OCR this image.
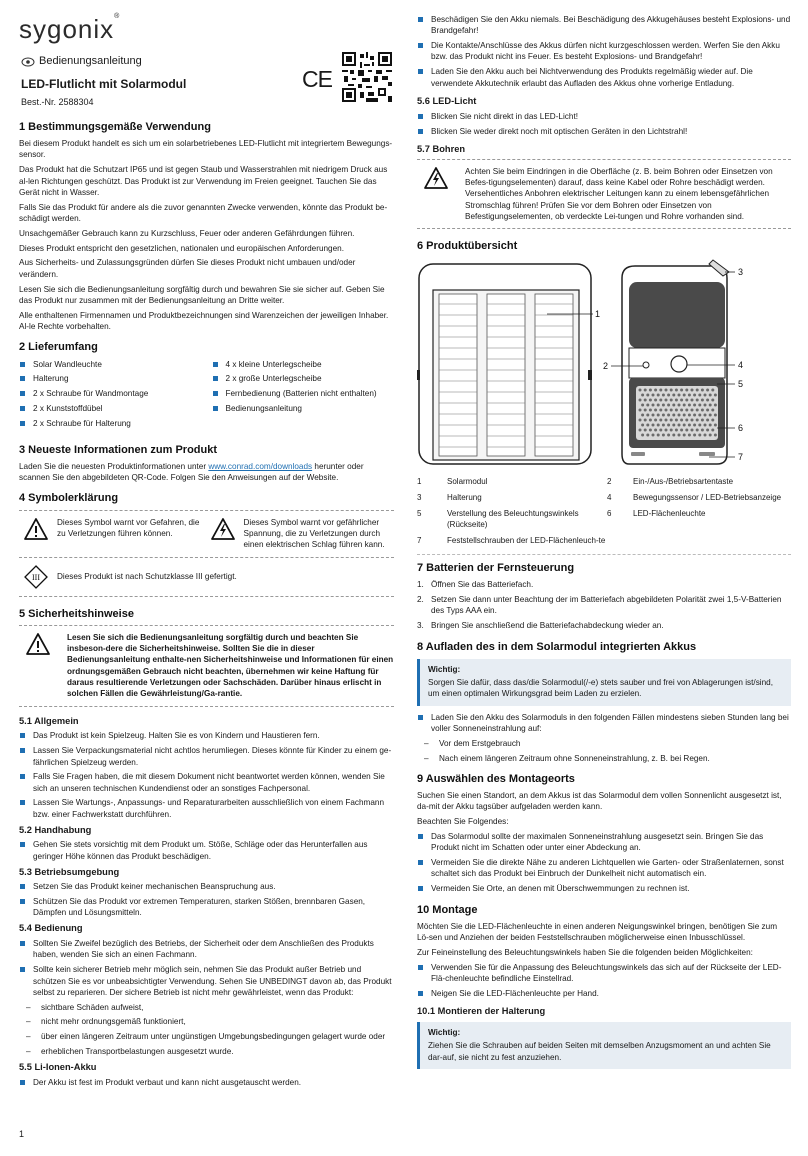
sygonix®
Bedienungsanleitung
LED-Flutlicht mit Solarmodul
Best.-Nr. 2588304
CE
1 Bestimmungsgemäße Verwendung

Bei diesem Produkt handelt es sich um ein solarbetriebenes LED-Flutlicht mit integriertem Bewegungs-sensor.

Das Produkt hat die Schutzart IP65 und ist gegen Staub und Wasserstrahlen mit niedrigem Druck aus al-len Richtungen geschützt. Das Produkt ist zur Verwendung im Freien geeignet. Tauchen Sie das Gerät nicht in Wasser.

Falls Sie das Produkt für andere als die zuvor genannten Zwecke verwenden, könnte das Produkt be-schädigt werden.

Unsachgemäßer Gebrauch kann zu Kurzschluss, Feuer oder anderen Gefährdungen führen.

Dieses Produkt entspricht den gesetzlichen, nationalen und europäischen Anforderungen.

Aus Sicherheits- und Zulassungsgründen dürfen Sie dieses Produkt nicht umbauen und/oder verändern.

Lesen Sie sich die Bedienungsanleitung sorgfältig durch und bewahren Sie sie sicher auf. Geben Sie das Produkt nur zusammen mit der Bedienungsanleitung an Dritte weiter.

Alle enthaltenen Firmennamen und Produktbezeichnungen sind Warenzeichen der jeweiligen Inhaber. Al-le Rechte vorbehalten.

2 Lieferumfang
Solar Wandleuchte
Halterung
2 x Schraube für Wandmontage
2 x Kunststoffdübel
2 x Schraube für Halterung
4 x kleine Unterlegscheibe
2 x große Unterlegscheibe
Fernbedienung (Batterien nicht enthalten)
Bedienungsanleitung
3 Neueste Informationen zum Produkt

Laden Sie die neuesten Produktinformationen unter www.conrad.com/downloads herunter oder scannen Sie den abgebildeten QR-Code. Folgen Sie den Anweisungen auf der Website.

4 Symbolerklärung
Dieses Symbol warnt vor Gefahren, die zu Verletzungen führen können.
Dieses Symbol warnt vor gefährlicher Spannung, die zu Verletzungen durch einen elektrischen Schlag führen kann.
III Dieses Produkt ist nach Schutzklasse III gefertigt.
5 Sicherheitshinweise

Lesen Sie sich die Bedienungsanleitung sorgfältig durch und beachten Sie insbeson-dere die Sicherheitshinweise. Sollten Sie die in dieser Bedienungsanleitung enthalte-nen Sicherheitshinweise und Informationen für einen ordnungsgemäßen Gebrauch nicht beachten, übernehmen wir keine Haftung für daraus resultierende Verletzungen oder Sachschäden. Darüber hinaus erlischt in solchen Fällen die Gewährleistung/Ga-rantie.

5.1 Allgemein
Das Produkt ist kein Spielzeug. Halten Sie es von Kindern und Haustieren fern.
Lassen Sie Verpackungsmaterial nicht achtlos herumliegen. Dieses könnte für Kinder zu einem ge-fährlichen Spielzeug werden.
Falls Sie Fragen haben, die mit diesem Dokument nicht beantwortet werden können, wenden Sie sich an unseren technischen Kundendienst oder an sonstiges Fachpersonal.
Lassen Sie Wartungs-, Anpassungs- und Reparaturarbeiten ausschließlich von einem Fachmann bzw. einer Fachwerkstatt durchführen.
5.2 Handhabung
Gehen Sie stets vorsichtig mit dem Produkt um. Stöße, Schläge oder das Herunterfallen aus geringer Höhe können das Produkt beschädigen.
5.3 Betriebsumgebung
Setzen Sie das Produkt keiner mechanischen Beanspruchung aus.
Schützen Sie das Produkt vor extremen Temperaturen, starken Stößen, brennbaren Gasen, Dämpfen und Lösungsmitteln.
5.4 Bedienung
Sollten Sie Zweifel bezüglich des Betriebs, der Sicherheit oder dem Anschließen des Produkts haben, wenden Sie sich an einen Fachmann.
Sollte kein sicherer Betrieb mehr möglich sein, nehmen Sie das Produkt außer Betrieb und schützen Sie es vor unbeabsichtigter Verwendung. Sehen Sie UNBEDINGT davon ab, das Produkt selbst zu reparieren. Der sichere Betrieb ist nicht mehr gewährleistet, wenn das Produkt:
– sichtbare Schäden aufweist,
– nicht mehr ordnungsgemäß funktioniert,
– über einen längeren Zeitraum unter ungünstigen Umgebungsbedingungen gelagert wurde oder
– erheblichen Transportbelastungen ausgesetzt wurde.
5.5 Li-Ionen-Akku
Der Akku ist fest im Produkt verbaut und kann nicht ausgetauscht werden.
1
Beschädigen Sie den Akku niemals. Bei Beschädigung des Akkugehäuses besteht Explosions- und Brandgefahr!
Die Kontakte/Anschlüsse des Akkus dürfen nicht kurzgeschlossen werden. Werfen Sie den Akku bzw. das Produkt nicht ins Feuer. Es besteht Explosions- und Brandgefahr!
Laden Sie den Akku auch bei Nichtverwendung des Produkts regelmäßig wieder auf. Die verwendete Akkutechnik erlaubt das Aufladen des Akkus ohne vorherige Entladung.
5.6 LED-Licht
Blicken Sie nicht direkt in das LED-Licht!
Blicken Sie weder direkt noch mit optischen Geräten in den Lichtstrahl!
5.7 Bohren

Achten Sie beim Eindringen in die Oberfläche (z. B. beim Bohren oder Einsetzen von Befes-tigungselementen) darauf, dass keine Kabel oder Rohre beschädigt werden. Versehentliches Anbohren elektrischer Leitungen kann zu einem lebensgefährlichen Stromschlag führen! Prüfen Sie vor dem Bohren oder Einsetzen von Befestigungselementen, ob verdeckte Lei-tungen und Rohre vorhanden sind.

6 Produktübersicht
1
2
3
4
5
6
7
1	Solarmodul	2	Ein-/Aus-/Betriebsartentaste
3	Halterung	4	Bewegungssensor / LED-Betriebsanzeige
5	Verstellung des Beleuchtungswinkels (Rückseite)
6	LED-Flächenleuchte
7	Feststellschrauben der LED-Flächenleuch-te
7 Batterien der Fernsteuerung
1. Öffnen Sie das Batteriefach.
2. Setzen Sie dann unter Beachtung der im Batteriefach abgebildeten Polarität zwei 1,5-V-Batterien des Typs AAA ein.
3. Bringen Sie anschließend die Batteriefachabdeckung wieder an.
8 Aufladen des in dem Solarmodul integrierten Akkus
Wichtig:
Sorgen Sie dafür, dass das/die Solarmodul(/-e) stets sauber und frei von Ablagerungen ist/sind, um einen optimalen Wirkungsgrad beim Laden zu erzielen.
Laden Sie den Akku des Solarmoduls in den folgenden Fällen mindestens sieben Stunden lang bei voller Sonneneinstrahlung auf:
– Vor dem Erstgebrauch
– Nach einem längeren Zeitraum ohne Sonneneinstrahlung, z. B. bei Regen.
9 Auswählen des Montageorts

Suchen Sie einen Standort, an dem Akkus ist das Solarmodul dem vollen Sonnenlicht ausgesetzt ist, da-mit der Akku tagsüber aufgeladen werden kann.

Beachten Sie Folgendes:

Das Solarmodul sollte der maximalen Sonneneinstrahlung ausgesetzt sein. Bringen Sie das Produkt nicht im Schatten oder unter einer Abdeckung an.
Vermeiden Sie die direkte Nähe zu anderen Lichtquellen wie Garten- oder Straßenlaternen, sonst schaltet sich das Produkt bei Einbruch der Dunkelheit nicht automatisch ein.
Vermeiden Sie Orte, an denen mit Überschwemmungen zu rechnen ist.
10 Montage

Möchten Sie die LED-Flächenleuchte in einen anderen Neigungswinkel bringen, benötigen Sie zum Lö-sen und Anziehen der beiden Feststellschrauben möglicherweise einen Inbusschlüssel.

Zur Feineinstellung des Beleuchtungswinkels haben Sie die folgenden beiden Möglichkeiten:

Verwenden Sie für die Anpassung des Beleuchtungswinkels das sich auf der Rückseite der LED-Flä-chenleuchte befindliche Einstellrad.
Neigen Sie die LED-Flächenleuchte per Hand.
10.1 Montieren der Halterung
Wichtig:
Ziehen Sie die Schrauben auf beiden Seiten mit demselben Anzugsmoment an und achten Sie dar-auf, sie nicht zu fest anzuziehen.
